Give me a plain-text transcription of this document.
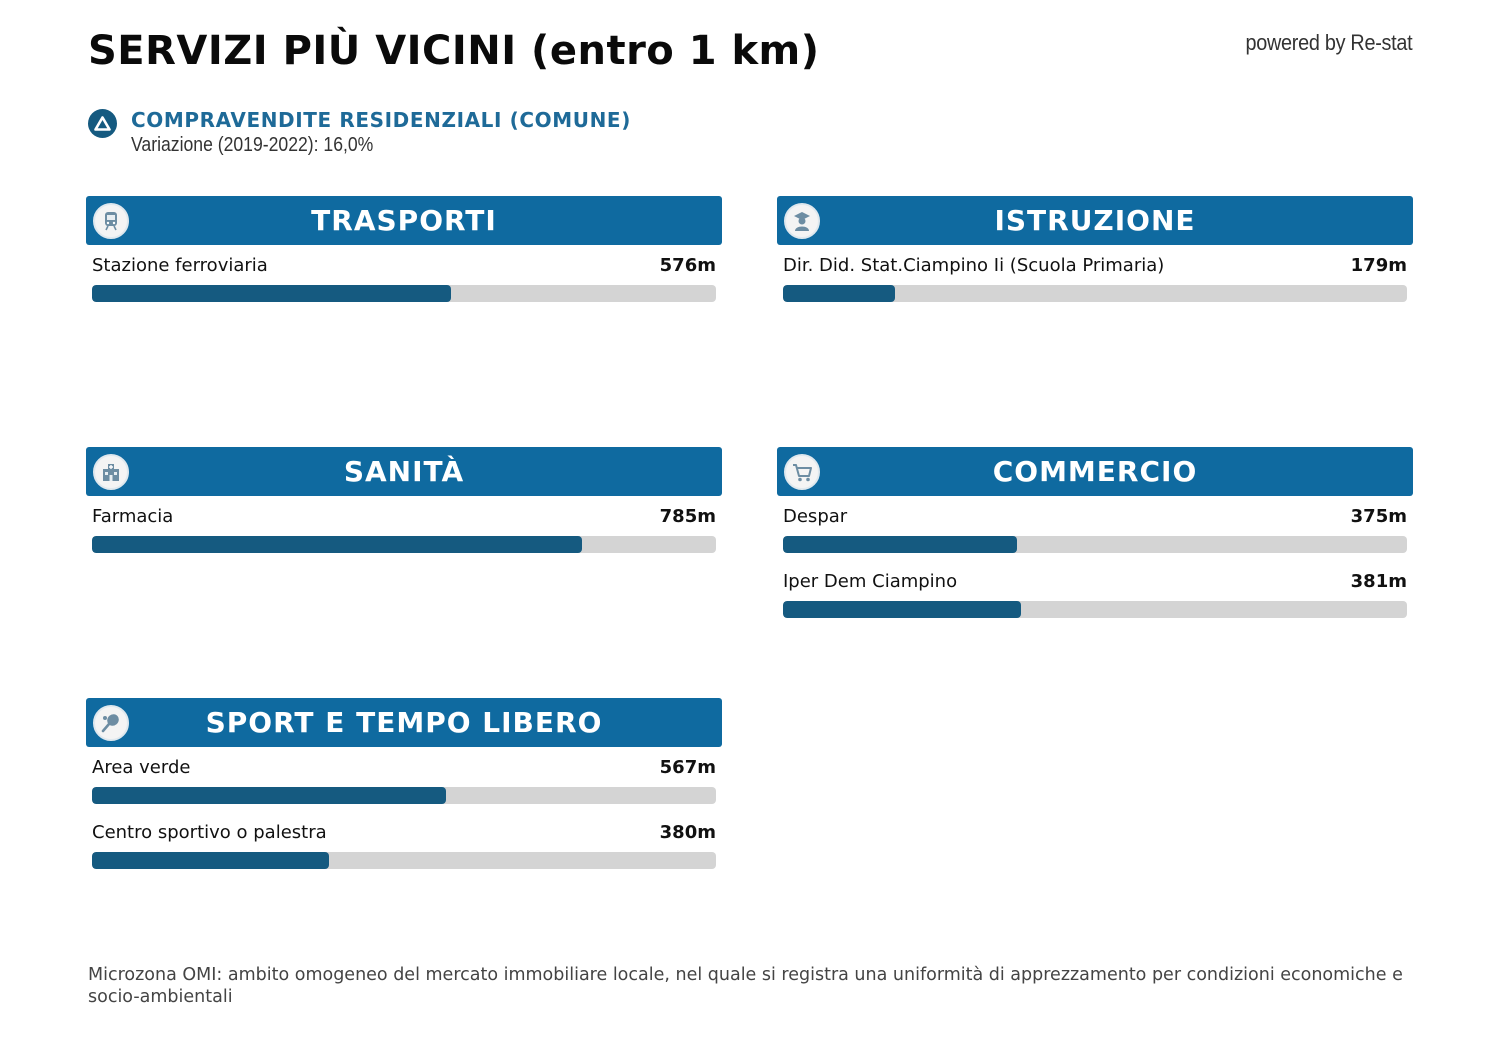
SERVIZI PIÙ VICINI (entro 1 km)	powered by Re-stat
COMPRAVENDITE RESIDENZIALI (COMUNE)
Variazione (2019-2022): 16,0%
TRASPORTI
Stazione ferroviaria	576m
ISTRUZIONE
Dir. Did. Stat.Ciampino Ii (Scuola Primaria)	179m
SANITÀ
Farmacia	785m
COMMERCIO
Despar	375m
Iper Dem Ciampino	381m
SPORT E TEMPO LIBERO
Area verde	567m
Centro sportivo o palestra	380m
Microzona OMI: ambito omogeneo del mercato immobiliare locale, nel quale si registra una uniformità di apprezzamento per condizioni economiche e socio-ambientali
